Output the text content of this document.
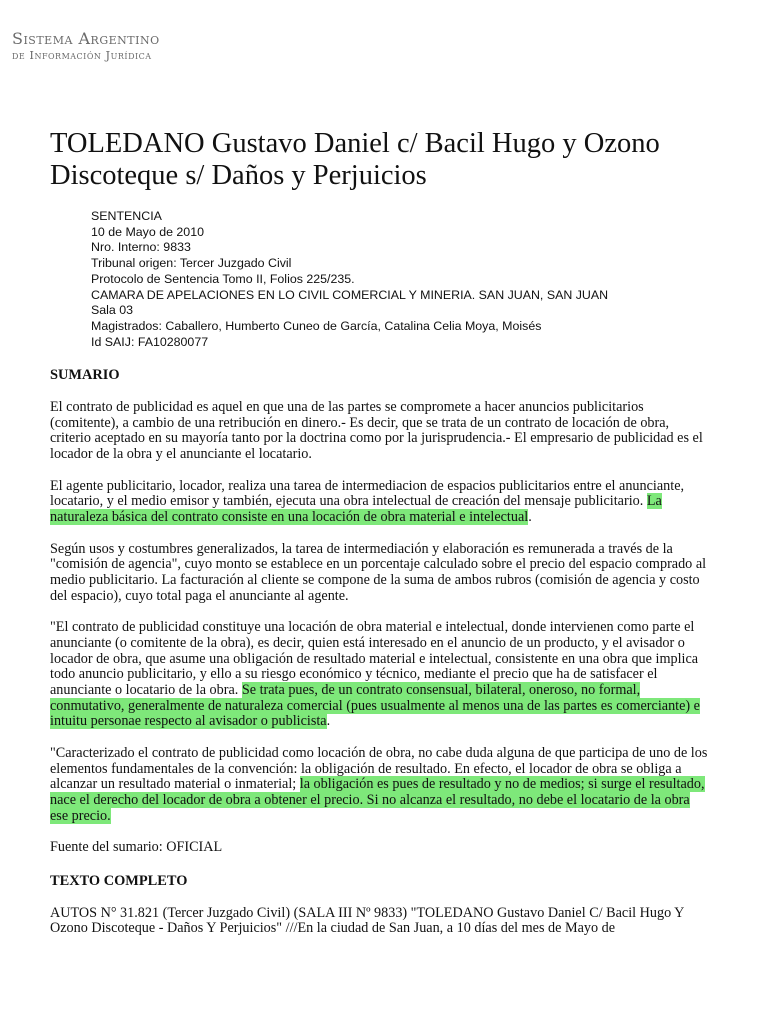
Sistema Argentino
de Información Jurídica
TOLEDANO Gustavo Daniel c/ Bacil Hugo y Ozono Discoteque s/ Daños y Perjuicios
SENTENCIA
10 de Mayo de 2010
Nro. Interno: 9833
Tribunal origen: Tercer Juzgado Civil
Protocolo de Sentencia Tomo II, Folios 225/235.
CAMARA DE APELACIONES EN LO CIVIL COMERCIAL Y MINERIA. SAN JUAN, SAN JUAN
Sala 03
Magistrados: Caballero, Humberto Cuneo de García, Catalina Celia Moya, Moisés
Id SAIJ: FA10280077
SUMARIO

El contrato de publicidad es aquel en que una de las partes se compromete a hacer anuncios publicitarios (comitente), a cambio de una retribución en dinero.- Es decir, que se trata de un contrato de locación de obra, criterio aceptado en su mayoría tanto por la doctrina como por la jurisprudencia.- El empresario de publicidad es el locador de la obra y el anunciante el locatario.

El agente publicitario, locador, realiza una tarea de intermediacion de espacios publicitarios entre el anunciante, locatario, y el medio emisor y también, ejecuta una obra intelectual de creación del mensaje publicitario. La naturaleza básica del contrato consiste en una locación de obra material e intelectual.

Según usos y costumbres generalizados, la tarea de intermediación y elaboración es remunerada a través de la "comisión de agencia", cuyo monto se establece en un porcentaje calculado sobre el precio del espacio comprado al medio publicitario. La facturación al cliente se compone de la suma de ambos rubros (comisión de agencia y costo del espacio), cuyo total paga el anunciante al agente.

"El contrato de publicidad constituye una locación de obra material e intelectual, donde intervienen como parte el anunciante (o comitente de la obra), es decir, quien está interesado en el anuncio de un producto, y el avisador o locador de obra, que asume una obligación de resultado material e intelectual, consistente en una obra que implica todo anuncio publicitario, y ello a su riesgo económico y técnico, mediante el precio que ha de satisfacer el anunciante o locatario de la obra. Se trata pues, de un contrato consensual, bilateral, oneroso, no formal, conmutativo, generalmente de naturaleza comercial (pues usualmente al menos una de las partes es comerciante) e intuitu personae respecto al avisador o publicista.

"Caracterizado el contrato de publicidad como locación de obra, no cabe duda alguna de que participa de uno de los elementos fundamentales de la convención: la obligación de resultado. En efecto, el locador de obra se obliga a alcanzar un resultado material o inmaterial; la obligación es pues de resultado y no de medios; si surge el resultado, nace el derecho del locador de obra a obtener el precio. Si no alcanza el resultado, no debe el locatario de la obra ese precio.

Fuente del sumario: OFICIAL

TEXTO COMPLETO

AUTOS N° 31.821 (Tercer Juzgado Civil) (SALA III Nº 9833) "TOLEDANO Gustavo Daniel C/ Bacil Hugo Y Ozono Discoteque - Daños Y Perjuicios" ///En la ciudad de San Juan, a 10 días del mes de Mayo de
